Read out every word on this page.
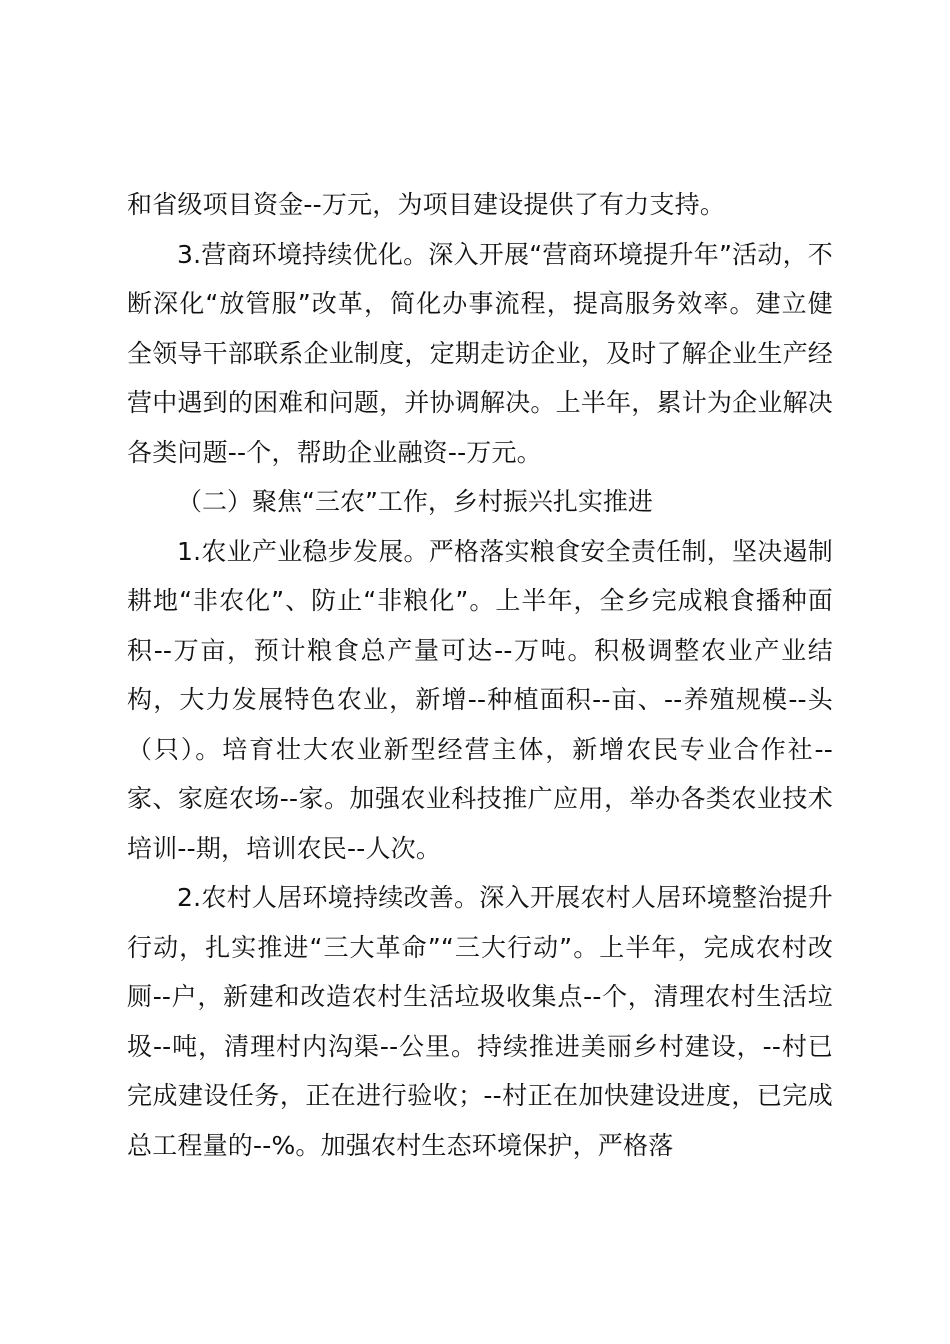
和省级项目资金--万元，为项目建设提供了有力支持。

3.营商环境持续优化。深入开展“营商环境提升年”活动，不断深化“放管服”改革，简化办事流程，提高服务效率。建立健全领导干部联系企业制度，定期走访企业，及时了解企业生产经营中遇到的困难和问题，并协调解决。上半年，累计为企业解决各类问题--个，帮助企业融资--万元。

（二）聚焦“三农”工作，乡村振兴扎实推进

1.农业产业稳步发展。严格落实粮食安全责任制，坚决遏制耕地“非农化”、防止“非粮化”。上半年，全乡完成粮食播种面积--万亩，预计粮食总产量可达--万吨。积极调整农业产业结构，大力发展特色农业，新增--种植面积--亩、--养殖规模--头（只）。培育壮大农业新型经营主体，新增农民专业合作社--家、家庭农场--家。加强农业科技推广应用，举办各类农业技术培训--期，培训农民--人次。

2.农村人居环境持续改善。深入开展农村人居环境整治提升行动，扎实推进“三大革命”“三大行动”。上半年，完成农村改厕--户，新建和改造农村生活垃圾收集点--个，清理农村生活垃圾--吨，清理村内沟渠--公里。持续推进美丽乡村建设，--村已完成建设任务，正在进行验收；--村正在加快建设进度，已完成总工程量的--%。加强农村生态环境保护，严格落
